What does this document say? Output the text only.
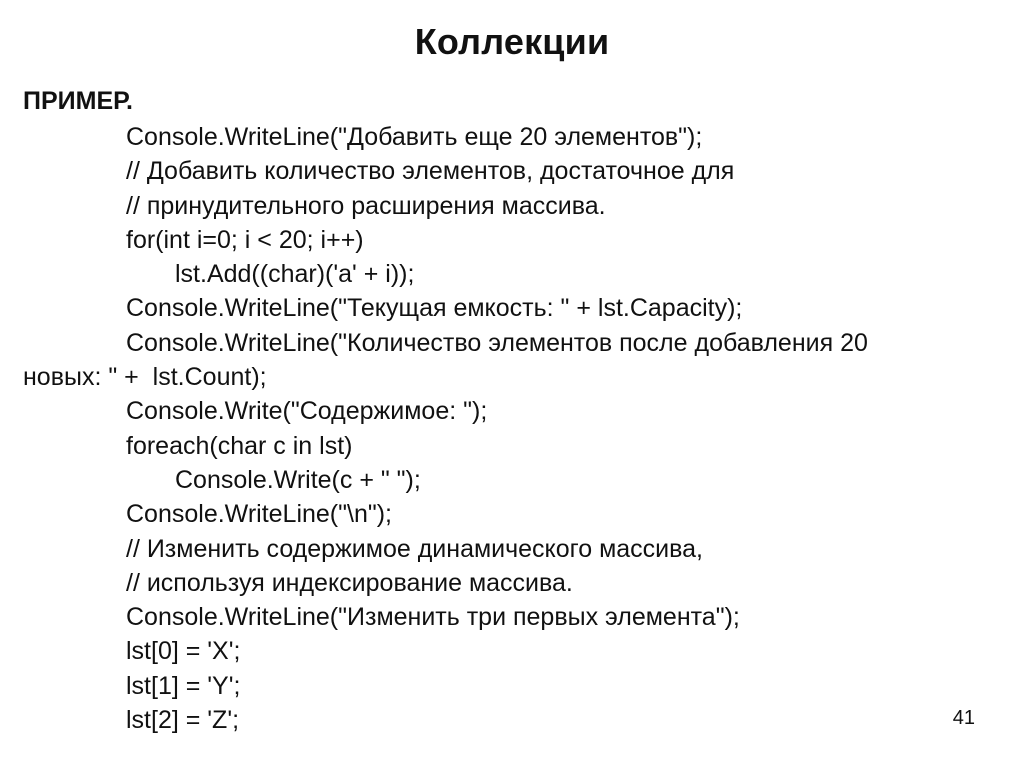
Коллекции
ПРИМЕР.
Console.WriteLine("Добавить еще 20 элементов");
// Добавить количество элементов, достаточное для
// принудительного расширения массива.
for(int i=0; i < 20; i++)
lst.Add((char)('a' + i));
Console.WriteLine("Текущая емкость: " + lst.Capacity);
Console.WriteLine("Количество элементов после добавления 20
новых: " +  lst.Count);
Console.Write("Содержимое: ");
foreach(char c in lst)
Console.Write(c + " ");
Console.WriteLine("\n");
// Изменить содержимое динамического массива,
// используя индексирование массива.
Console.WriteLine("Изменить три первых элемента");
lst[0] = 'X';
lst[1] = 'Y';
lst[2] = 'Z';	41
